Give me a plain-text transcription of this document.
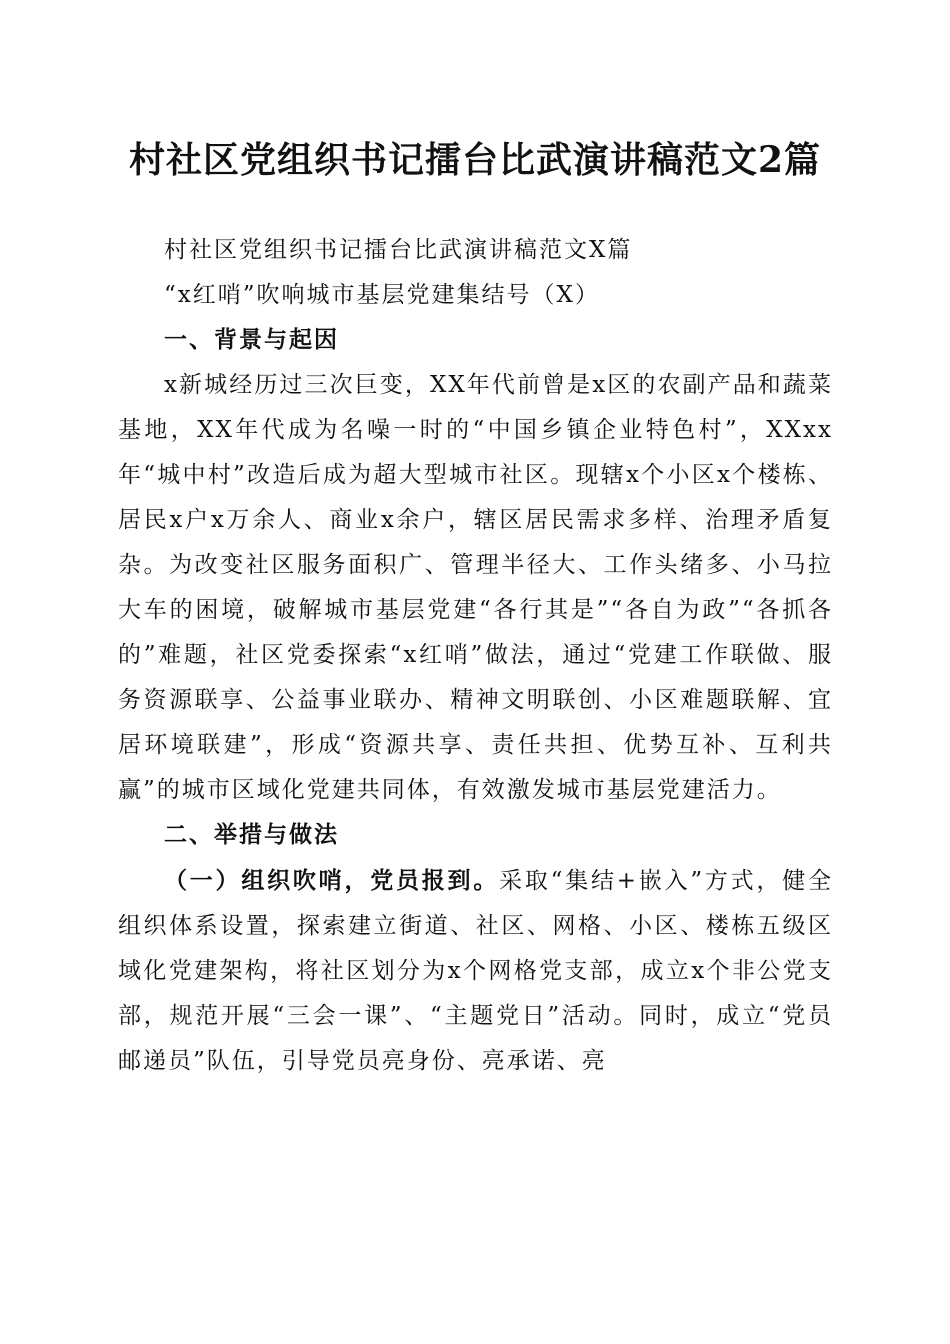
村社区党组织书记擂台比武演讲稿范文2篇

村社区党组织书记擂台比武演讲稿范文X篇

“x红哨”吹响城市基层党建集结号（X）

一、背景与起因

x新城经历过三次巨变，XX年代前曾是x区的农副产品和蔬菜基地，XX年代成为名噪一时的“中国乡镇企业特色村”，XXxx年“城中村”改造后成为超大型城市社区。现辖x个小区x个楼栋、居民x户x万余人、商业x余户，辖区居民需求多样、治理矛盾复杂。为改变社区服务面积广、管理半径大、工作头绪多、小马拉大车的困境，破解城市基层党建“各行其是”“各自为政”“各抓各的”难题，社区党委探索“x红哨”做法，通过“党建工作联做、服务资源联享、公益事业联办、精神文明联创、小区难题联解、宜居环境联建”，形成“资源共享、责任共担、优势互补、互利共赢”的城市区域化党建共同体，有效激发城市基层党建活力。

二、举措与做法

（一）组织吹哨，党员报到。采取“集结+嵌入”方式，健全组织体系设置，探索建立街道、社区、网格、小区、楼栋五级区域化党建架构，将社区划分为x个网格党支部，成立x个非公党支部，规范开展“三会一课”、“主题党日”活动。同时，成立“党员邮递员”队伍，引导党员亮身份、亮承诺、亮
